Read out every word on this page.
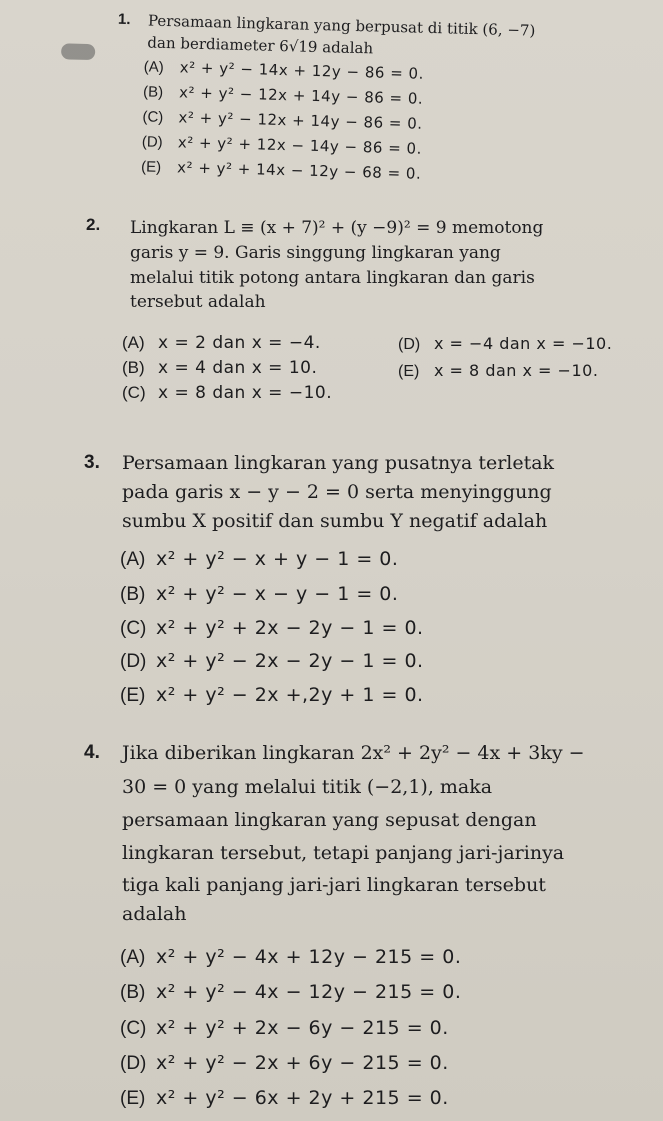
1. Persamaan lingkaran yang berpusat di titik (6, −7)
dan berdiameter 6√19 adalah
(A) x² + y² − 14x + 12y − 86 = 0.
(B) x² + y² − 12x + 14y − 86 = 0.
(C) x² + y² − 12x + 14y − 86 = 0.
(D) x² + y² + 12x − 14y − 86 = 0.
(E) x² + y² + 14x − 12y − 68 = 0.
2. Lingkaran L ≡ (x + 7)² + (y −9)² = 9 memotong
garis y = 9. Garis singgung lingkaran yang
melalui titik potong antara lingkaran dan garis
tersebut adalah
(A) x = 2 dan x = −4.
(B) x = 4 dan x = 10.
(C) x = 8 dan x = −10.
(D) x = −4 dan x = −10.
(E) x = 8 dan x = −10.
3. Persamaan lingkaran yang pusatnya terletak
pada garis x − y − 2 = 0 serta menyinggung
sumbu X positif dan sumbu Y negatif adalah
(A) x² + y² − x + y − 1 = 0.
(B) x² + y² − x − y − 1 = 0.
(C) x² + y² + 2x − 2y − 1 = 0.
(D) x² + y² − 2x − 2y − 1 = 0.
(E) x² + y² − 2x +,2y + 1 = 0.
4. Jika diberikan lingkaran 2x² + 2y² − 4x + 3ky −
30 = 0 yang melalui titik (−2,1), maka
persamaan lingkaran yang sepusat dengan
lingkaran tersebut, tetapi panjang jari-jarinya
tiga kali panjang jari-jari lingkaran tersebut
adalah
(A) x² + y² − 4x + 12y − 215 = 0.
(B) x² + y² − 4x − 12y − 215 = 0.
(C) x² + y² + 2x − 6y − 215 = 0.
(D) x² + y² − 2x + 6y − 215 = 0.
(E) x² + y² − 6x + 2y + 215 = 0.
